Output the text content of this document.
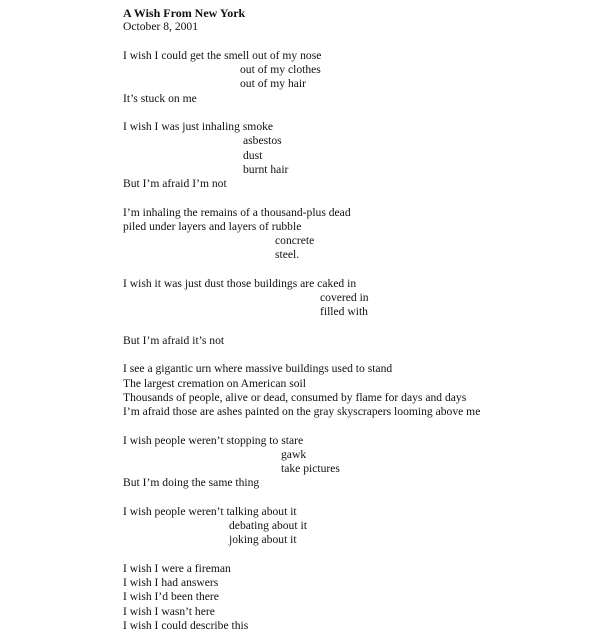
A Wish From New York
October 8, 2001
I wish I could get the smell out of my nose
out of my clothes
out of my hair
It’s stuck on me
I wish I was just inhaling smoke
asbestos
dust
burnt hair
But I’m afraid I’m not
I’m inhaling the remains of a thousand-plus dead
piled under layers and layers of rubble
concrete
steel.
I wish it was just dust those buildings are caked in
covered in
filled with
But I’m afraid it’s not
I see a gigantic urn where massive buildings used to stand
The largest cremation on American soil
Thousands of people, alive or dead, consumed by flame for days and days
I’m afraid those are ashes painted on the gray skyscrapers looming above me
I wish people weren’t stopping to stare
gawk
take pictures
But I’m doing the same thing
I wish people weren’t talking about it
debating about it
joking about it
I wish I were a fireman
I wish I had answers
I wish I’d been there
I wish I wasn’t here
I wish I could describe this
